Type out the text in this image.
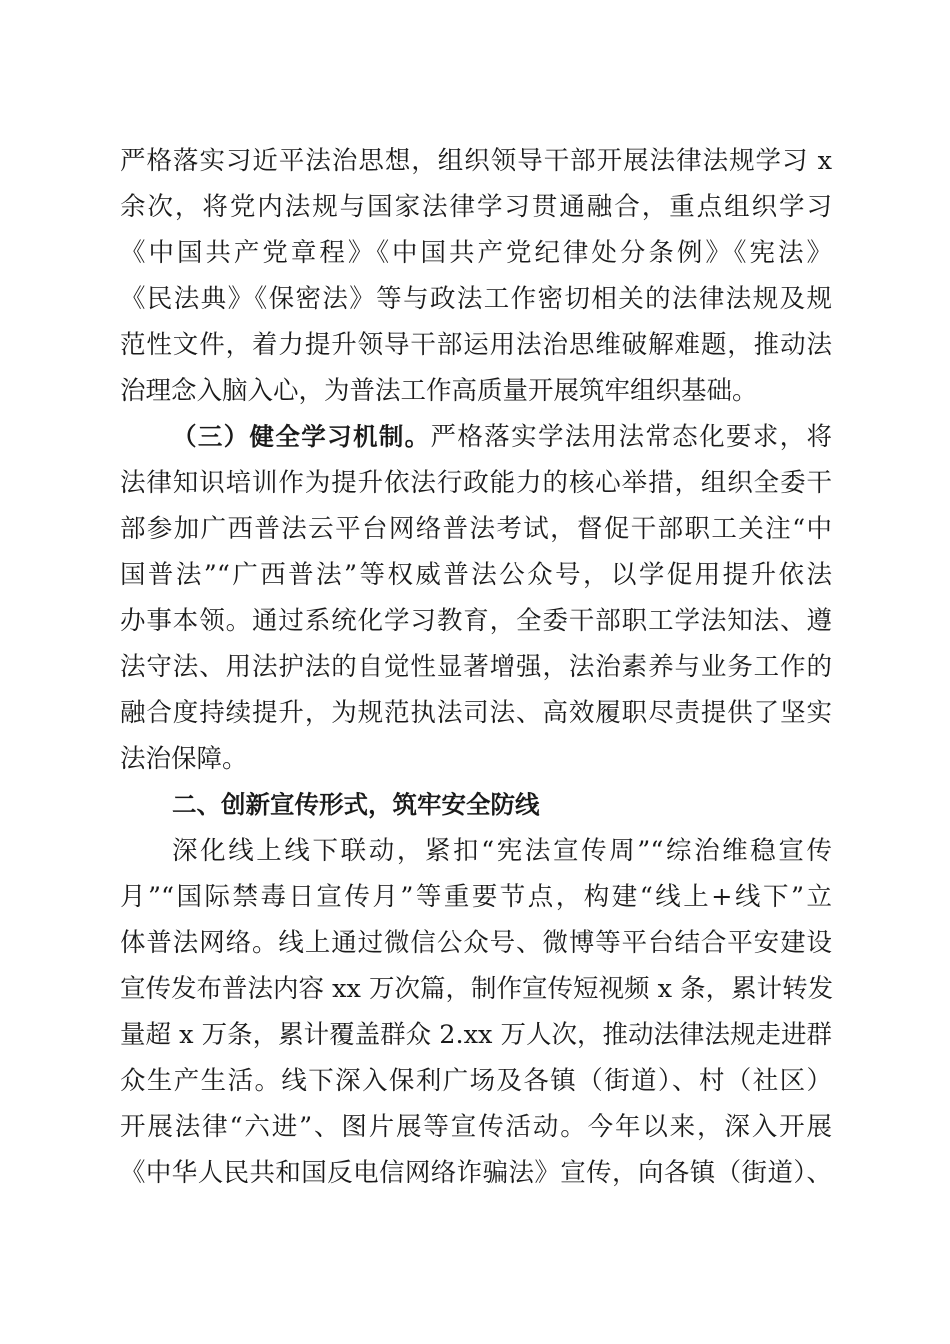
严格落实习近平法治思想，组织领导干部开展法律法规学习 x
余次，将党内法规与国家法律学习贯通融合，重点组织学习
《中国共产党章程》《中国共产党纪律处分条例》《宪法》
《民法典》《保密法》等与政法工作密切相关的法律法规及规
范性文件，着力提升领导干部运用法治思维破解难题，推动法
治理念入脑入心，为普法工作高质量开展筑牢组织基础。
（三）健全学习机制。严格落实学法用法常态化要求，将
法律知识培训作为提升依法行政能力的核心举措，组织全委干
部参加广西普法云平台网络普法考试，督促干部职工关注“中
国普法”“广西普法”等权威普法公众号，以学促用提升依法
办事本领。通过系统化学习教育，全委干部职工学法知法、遵
法守法、用法护法的自觉性显著增强，法治素养与业务工作的
融合度持续提升，为规范执法司法、高效履职尽责提供了坚实
法治保障。
二、创新宣传形式，筑牢安全防线
深化线上线下联动，紧扣“宪法宣传周”“综治维稳宣传
月”“国际禁毒日宣传月”等重要节点，构建“线上+线下”立
体普法网络。线上通过微信公众号、微博等平台结合平安建设
宣传发布普法内容 xx 万次篇，制作宣传短视频 x 条，累计转发
量超 x 万条，累计覆盖群众 2.xx 万人次，推动法律法规走进群
众生产生活。线下深入保利广场及各镇（街道）、村（社区）
开展法律“六进”、图片展等宣传活动。今年以来，深入开展
《中华人民共和国反电信网络诈骗法》宣传，向各镇（街道）、
